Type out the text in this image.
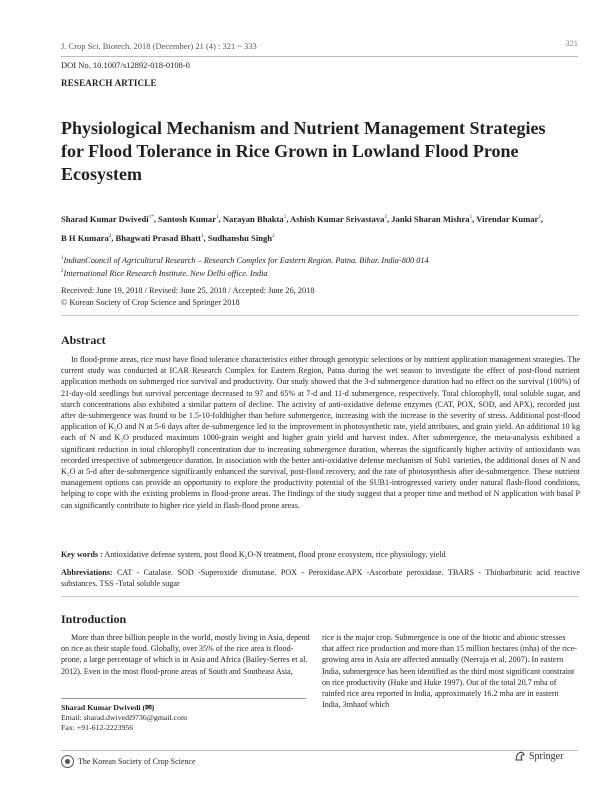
J. Crop Sci. Biotech. 2018 (December) 21 (4) : 321 ~ 333	321
DOI No. 10.1007/s12892-018-0108-0
RESEARCH ARTICLE
Physiological Mechanism and Nutrient Management Strategies for Flood Tolerance in Rice Grown in Lowland Flood Prone Ecosystem
Sharad Kumar Dwivedi$^{1*}$, Santosh Kumar$^1$, Narayan Bhakta$^1$, Ashish Kumar Srivastava$^2$, Janki Sharan Mishra$^1$, Virendar Kumar$^2$,
B H Kumara$^2$, Bhagwati Prasad Bhatt$^1$, Sudhanshu Singh$^2$
$^1$IndianCouncil of Agricultural Research – Research Complex for Eastern Region. Patna. Bihar. India-800 014
$^2$International Rice Research Institute. New Delhi office. India
Received: June 19, 2018 / Revised: June 25, 2018 / Accepted: June 26, 2018
© Korean Society of Crop Science and Springer 2018
Abstract

In flood-prone areas, rice must have flood tolerance characteristics either through genotypic selections or by nutrient application management strategies. The current study was conducted at ICAR Research Complex for Eastern Region, Patna during the wet season to investigate the effect of post-flood nutrient application methods on submerged rice survival and productivity. Our study showed that the 3-d submergence duration had no effect on the survival (100%) of 21-day-old seedlings but survival percentage decreased to 97 and 65% at 7-d and 11-d submergence, respectively. Total chlorophyll, total soluble sugar, and starch concentrations also exhibited a similar pattern of decline. The activity of anti-oxidative defense enzymes (CAT, POX, SOD, and APX), recorded just after de-submergence was found to be 1.5-10-foldhigher than before submergence, increasing with the increase in the severity of stress. Additional post-flood application of K₂O and N at 5-6 days after de-submergence led to the improvement in photosynthetic rate, yield attributes, and grain yield. An additional 10 kg each of N and K₂O produced maximum 1000-grain weight and higher grain yield and harvest index. After submergence, the meta-analysis exhibited a significant reduction in total chlorophyll concentration due to increasing submergence duration, whereas the significantly higher activity of antioxidants was recorded irrespective of submergence duration. In association with the better anti-oxidative defense mechanism of Sub1 varieties, the additional doses of N and K₂O at 5-d after de-submergence significantly enhanced the survival, post-flood recovery, and the rate of photosynthesis after de-submergence. These nutrient management options can provide an opportunity to explore the productivity potential of the SUB1-introgressed variety under natural flash-flood conditions, helping to cope with the existing problems in flood-prone areas. The findings of the study suggest that a proper time and method of N application with basal P can significantly contribute to higher rice yield in flash-flood prone areas.

Key words : Antioxidative defense system, post flood K₂O-N treatment, flood prone ecosystem, rice physiology, yield

Abbreviations: CAT - Catalase. SOD -Superoxide dismutase. POX - Peroxidase.APX -Ascorbate peroxidase. TBARS - Thiobarbituric acid reactive substances. TSS -Total soluble sugar

Introduction

More than three billion people in the world, mostly living in Asia, depend on rice as their staple food. Globally, over 35% of the rice area is flood-prone, a large percentage of which is in Asia and Africa (Bailey-Serres et al. 2012). Even in the most flood-prone areas of South and Southeast Asia,

rice is the major crop. Submergence is one of the biotic and abiotic stresses that affect rice production and more than 15 million hectares (mha) of the rice-growing area in Asia are affected annually (Neeraja et al. 2007). In eastern India, submergence has been identified as the third most significant constraint on rice productivity (Huke and Huke 1997). Out of the total 20.7 mha of rainfed rice area reported in India, approximately 16.2 mha are in eastern India, 3mhaof which

Sharad Kumar Dwivedi (✉)
Email: sharad.dwivedi9736@gmail.com
Fax: +91-612-2223956
The Korean Society of Crop Science	Springer
